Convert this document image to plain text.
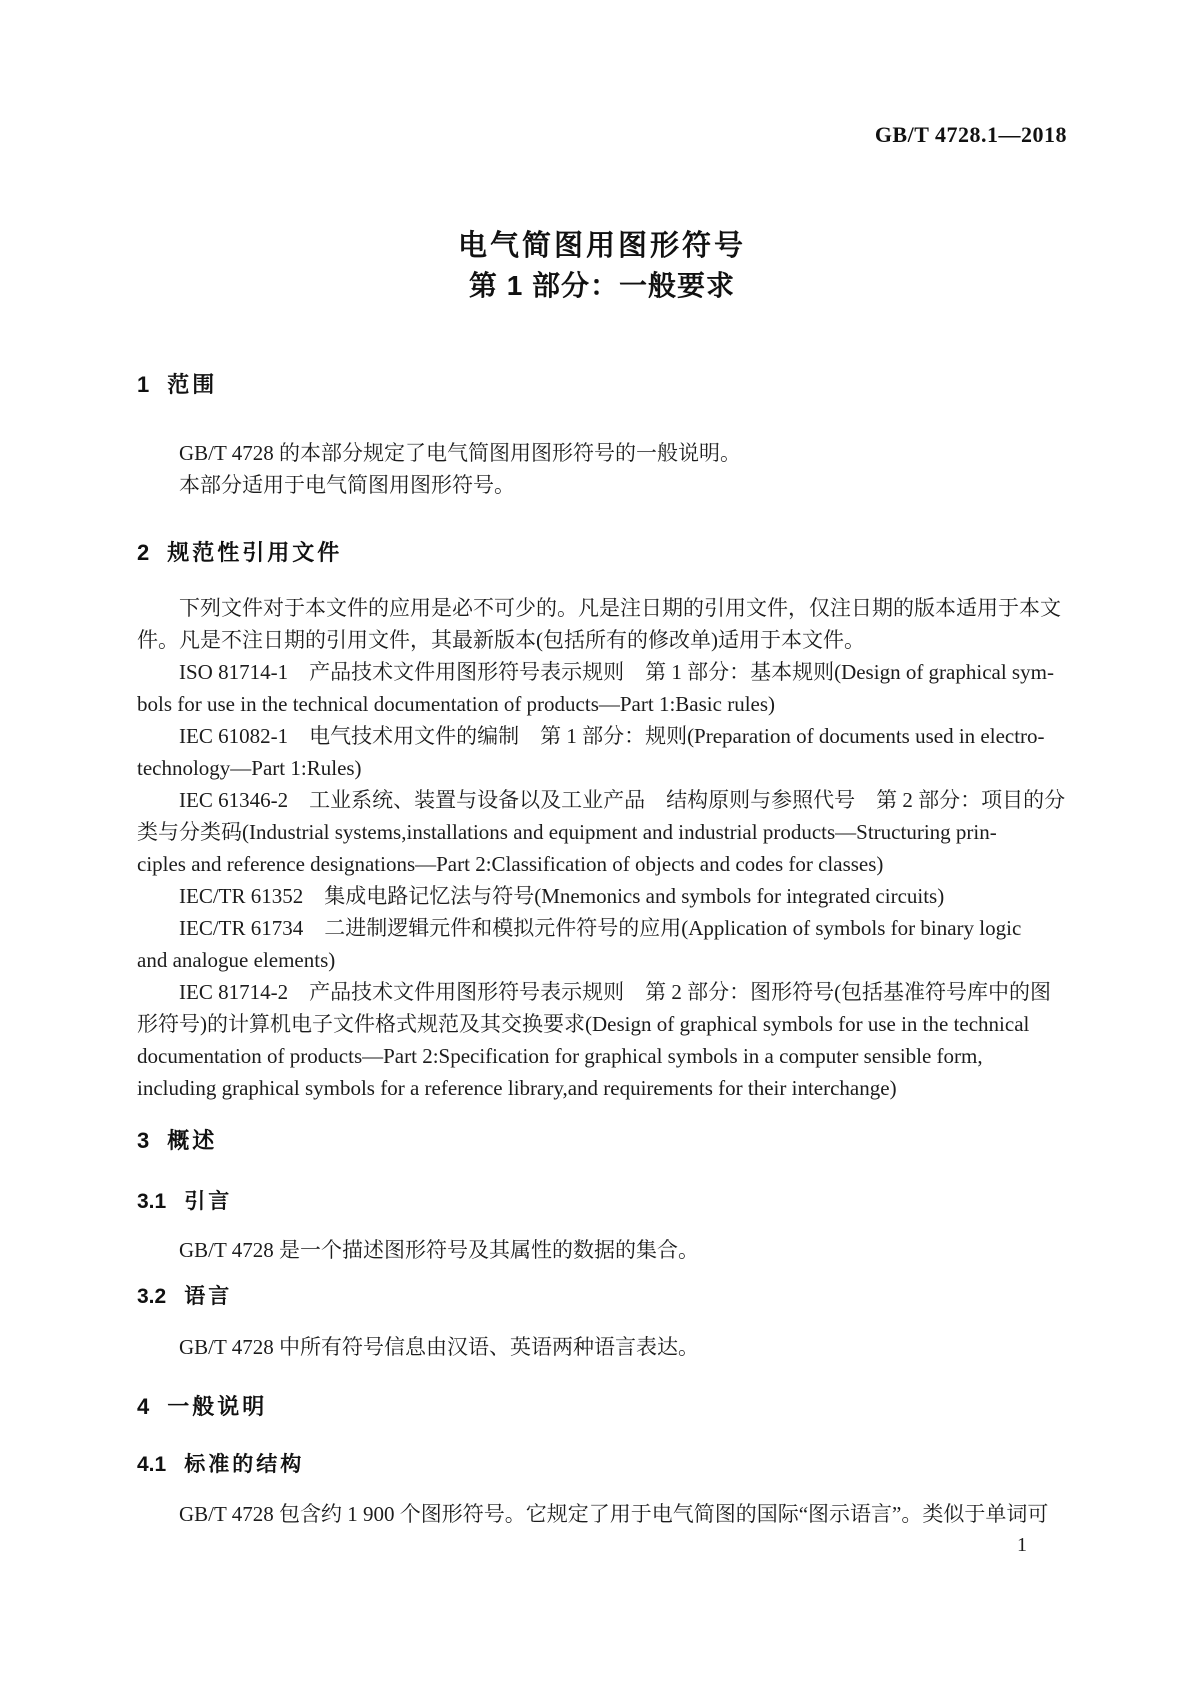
GB/T 4728.1—2018
电气简图用图形符号
第 1 部分：一般要求
1 范围
GB/T 4728 的本部分规定了电气简图用图形符号的一般说明。
本部分适用于电气简图用图形符号。
2 规范性引用文件
下列文件对于本文件的应用是必不可少的。凡是注日期的引用文件，仅注日期的版本适用于本文
件。凡是不注日期的引用文件，其最新版本(包括所有的修改单)适用于本文件。
ISO 81714-1　产品技术文件用图形符号表示规则　第 1 部分：基本规则(Design of graphical sym-
bols for use in the technical documentation of products—Part 1:Basic rules)
IEC 61082-1　电气技术用文件的编制　第 1 部分：规则(Preparation of documents used in electro-
technology—Part 1:Rules)
IEC 61346-2　工业系统、装置与设备以及工业产品　结构原则与参照代号　第 2 部分：项目的分
类与分类码(Industrial systems,installations and equipment and industrial products—Structuring prin-
ciples and reference designations—Part 2:Classification of objects and codes for classes)
IEC/TR 61352　集成电路记忆法与符号(Mnemonics and symbols for integrated circuits)
IEC/TR 61734　二进制逻辑元件和模拟元件符号的应用(Application of symbols for binary logic
and analogue elements)
IEC 81714-2　产品技术文件用图形符号表示规则　第 2 部分：图形符号(包括基准符号库中的图
形符号)的计算机电子文件格式规范及其交换要求(Design of graphical symbols for use in the technical
documentation of products—Part 2:Specification for graphical symbols in a computer sensible form,
including graphical symbols for a reference library,and requirements for their interchange)
3 概述
3.1 引言
GB/T 4728 是一个描述图形符号及其属性的数据的集合。
3.2 语言
GB/T 4728 中所有符号信息由汉语、英语两种语言表达。
4 一般说明
4.1 标准的结构
GB/T 4728 包含约 1 900 个图形符号。它规定了用于电气简图的国际“图示语言”。类似于单词可
1
